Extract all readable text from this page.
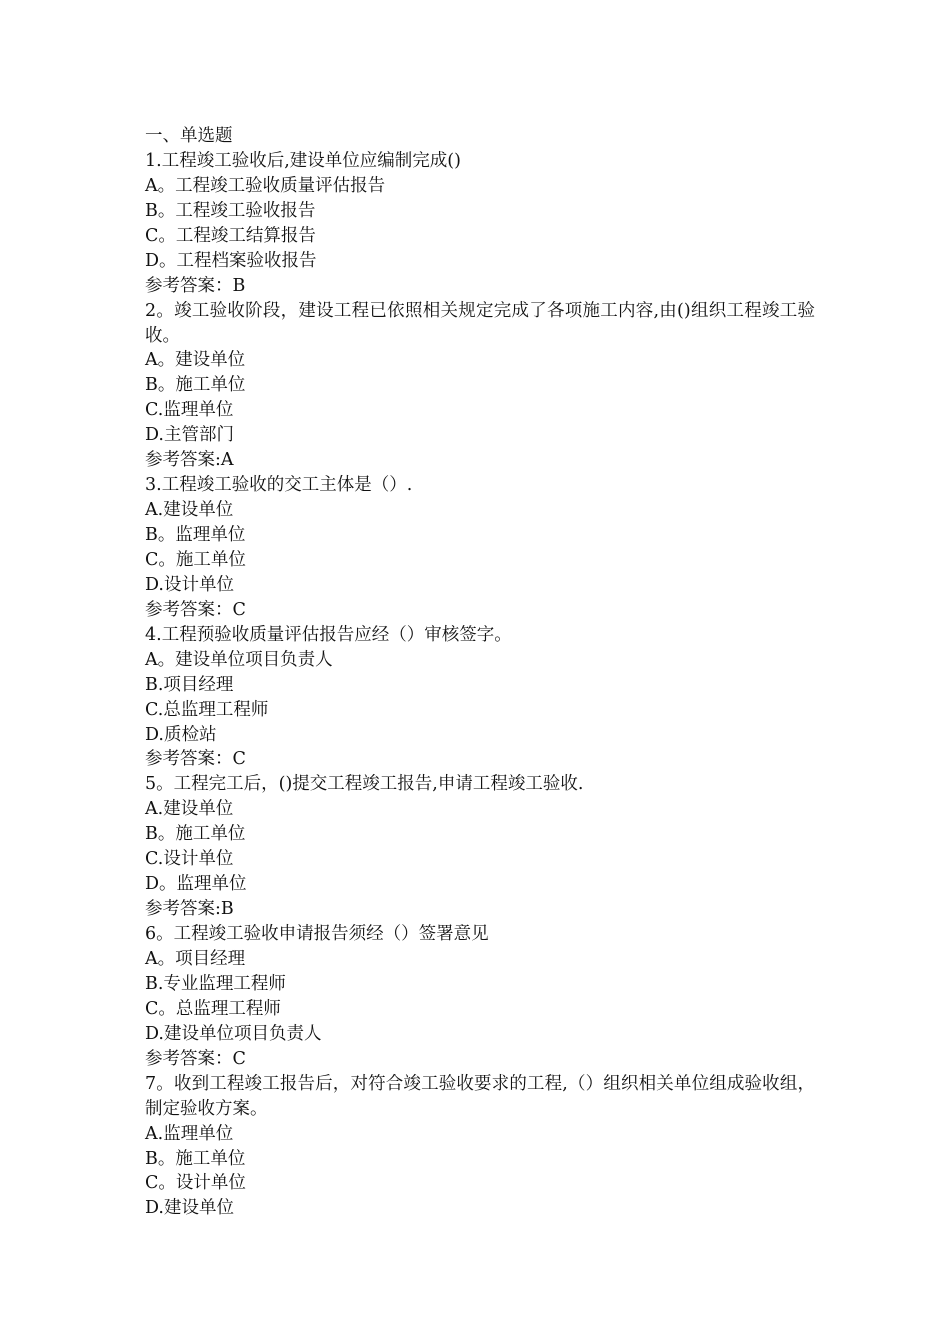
一、单选题
1.工程竣工验收后,建设单位应编制完成()
A。工程竣工验收质量评估报告
B。工程竣工验收报告
C。工程竣工结算报告
D。工程档案验收报告
参考答案：B
2。竣工验收阶段，建设工程已依照相关规定完成了各项施工内容,由()组织工程竣工验收。
A。建设单位
B。施工单位
C.监理单位
D.主管部门
参考答案:A
3.工程竣工验收的交工主体是（）.
A.建设单位
B。监理单位
C。施工单位
D.设计单位
参考答案：C
4.工程预验收质量评估报告应经（）审核签字。
A。建设单位项目负责人
B.项目经理
C.总监理工程师
D.质检站
参考答案：C
5。工程完工后，()提交工程竣工报告,申请工程竣工验收.
A.建设单位
B。施工单位
C.设计单位
D。监理单位
参考答案:B
6。工程竣工验收申请报告须经（）签署意见
A。项目经理
B.专业监理工程师
C。总监理工程师
D.建设单位项目负责人
参考答案：C
7。收到工程竣工报告后，对符合竣工验收要求的工程,（）组织相关单位组成验收组，制定验收方案。
A.监理单位
B。施工单位
C。设计单位
D.建设单位
